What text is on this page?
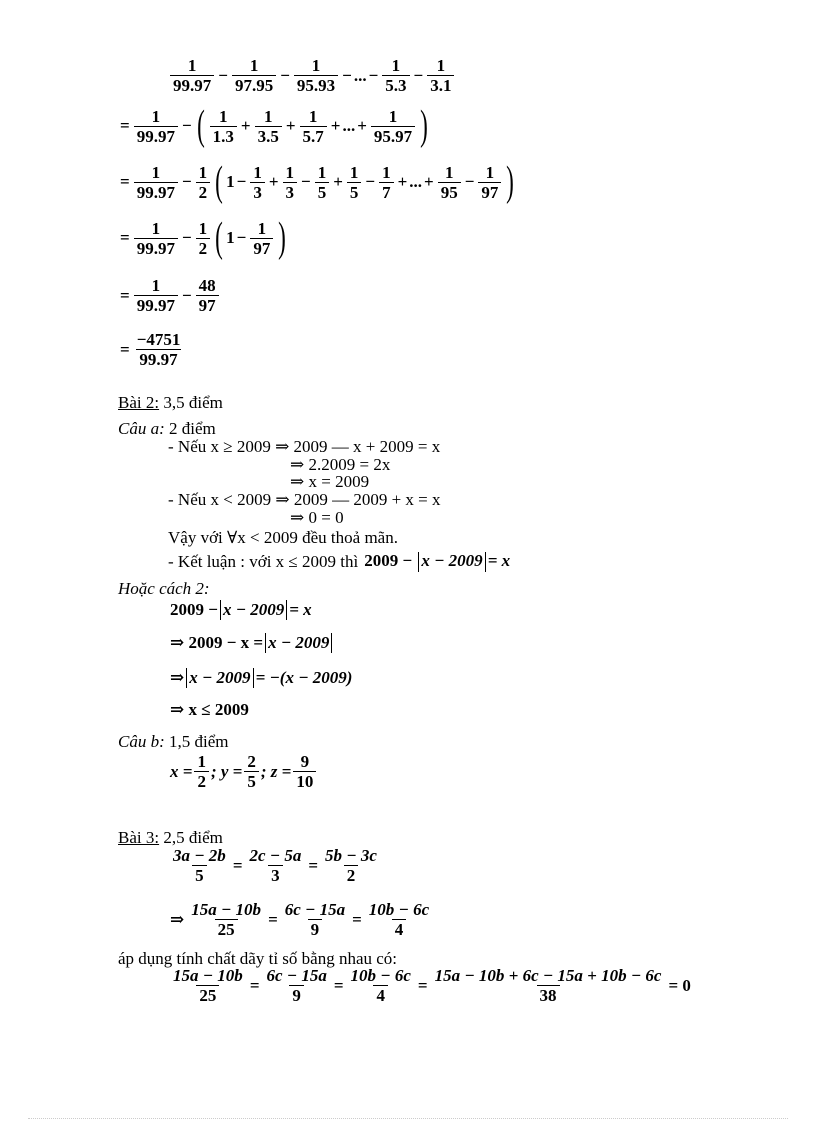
$\frac{1}{99.97} - \frac{1}{97.95} - \frac{1}{95.93}$ − ... − $\frac{1}{5.3} - \frac{1}{3.1}$
= $\frac{1}{99.97}$ − ( $\frac{1}{1.3} + \frac{1}{3.5} + \frac{1}{5.7}$ + ... + $\frac{1}{95.97}$ )
= $\frac{1}{99.97} - \frac{1}{2}$ ( $1 - \frac{1}{3} + \frac{1}{3} - \frac{1}{5} + \frac{1}{5} - \frac{1}{7}$ + ... + $\frac{1}{95} - \frac{1}{97}$ )
= $\frac{1}{99.97} - \frac{1}{2}$ ( $1 - \frac{1}{97}$ )
= $\frac{1}{99.97} - \frac{48}{97}$
= $\frac{-4751}{99.97}$
Bài 2: 3,5 điểm
Câu a: 2 điểm
- Nếu x ≥ 2009 ⇒ 2009 — x + 2009 = x
⇒ 2.2009 = 2x
⇒ x = 2009
- Nếu x < 2009 ⇒ 2009 — 2009 + x = x
⇒ 0 = 0
Vậy với ∀x < 2009 đều thoả mãn.
- Kết luận : với x ≤ 2009 thì 2009 − x − 2009 = x
Hoặc cách 2:
2009 − x − 2009 = x
⇒ 2009 − x = x − 2009
⇒ x − 2009 = −(x − 2009)
⇒ x ≤ 2009
Câu b: 1,5 điểm
$x = \frac{1}{2}$ ; $y = \frac{2}{5}$ ; $z = \frac{9}{10}$
Bài 3: 2,5 điểm
$\frac{3a - 2b}{5} = \frac{2c - 5a}{3} = \frac{5b - 3c}{2}$
⇒ $\frac{15a - 10b}{25} = \frac{6c - 15a}{9} = \frac{10b - 6c}{4}$
áp dụng tính chất dãy tỉ số bằng nhau có:
$\frac{15a - 10b}{25} = \frac{6c - 15a}{9} = \frac{10b - 6c}{4} = \frac{15a - 10b + 6c - 15a + 10b - 6c}{38} = 0$
